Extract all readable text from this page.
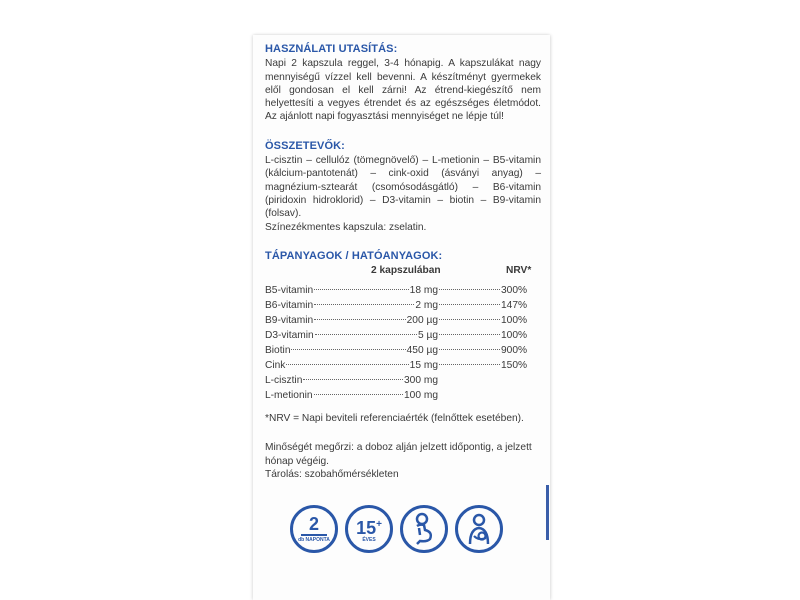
HASZNÁLATI UTASÍTÁS:

Napi 2 kapszula reggel, 3-4 hónapig. A kapszulákat nagy mennyiségű vízzel kell bevenni. A készítményt gyermekek elől gondosan el kell zárni! Az étrend-kiegészítő nem helyettesíti a vegyes étrendet és az egészséges életmódot. Az ajánlott napi fogyasztási mennyiséget ne lépje túl!

ÖSSZETEVŐK:

L-cisztin – cellulóz (tömegnövelő) – L-metionin – B5-vitamin (kálcium-pantotenát) – cink-oxid (ásványi anyag) – magnézium-sztearát (csomósodásgátló) – B6-vitamin (piridoxin hidroklorid) – D3-vitamin – biotin – B9-vitamin (folsav).

Színezékmentes kapszula: zselatin.

TÁPANYAGOK / HATÓANYAGOK:
2 kapszulában	NRV*
B5-vitamin	18 mg	300%
B6-vitamin	2 mg	147%
B9-vitamin	200 µg	100%
D3-vitamin	5 µg	100%
Biotin	450 µg	900%
Cink	15 mg	150%
L-cisztin	300 mg
L-metionin	100 mg

*NRV = Napi beviteli referenciaérték (felnőttek esetében).

Minőségét megőrzi: a doboz alján jelzett időpontig, a jelzett hónap végéig.

Tárolás: szobahőmérsékleten

2
db NAPONTA
15+
ÉVES
